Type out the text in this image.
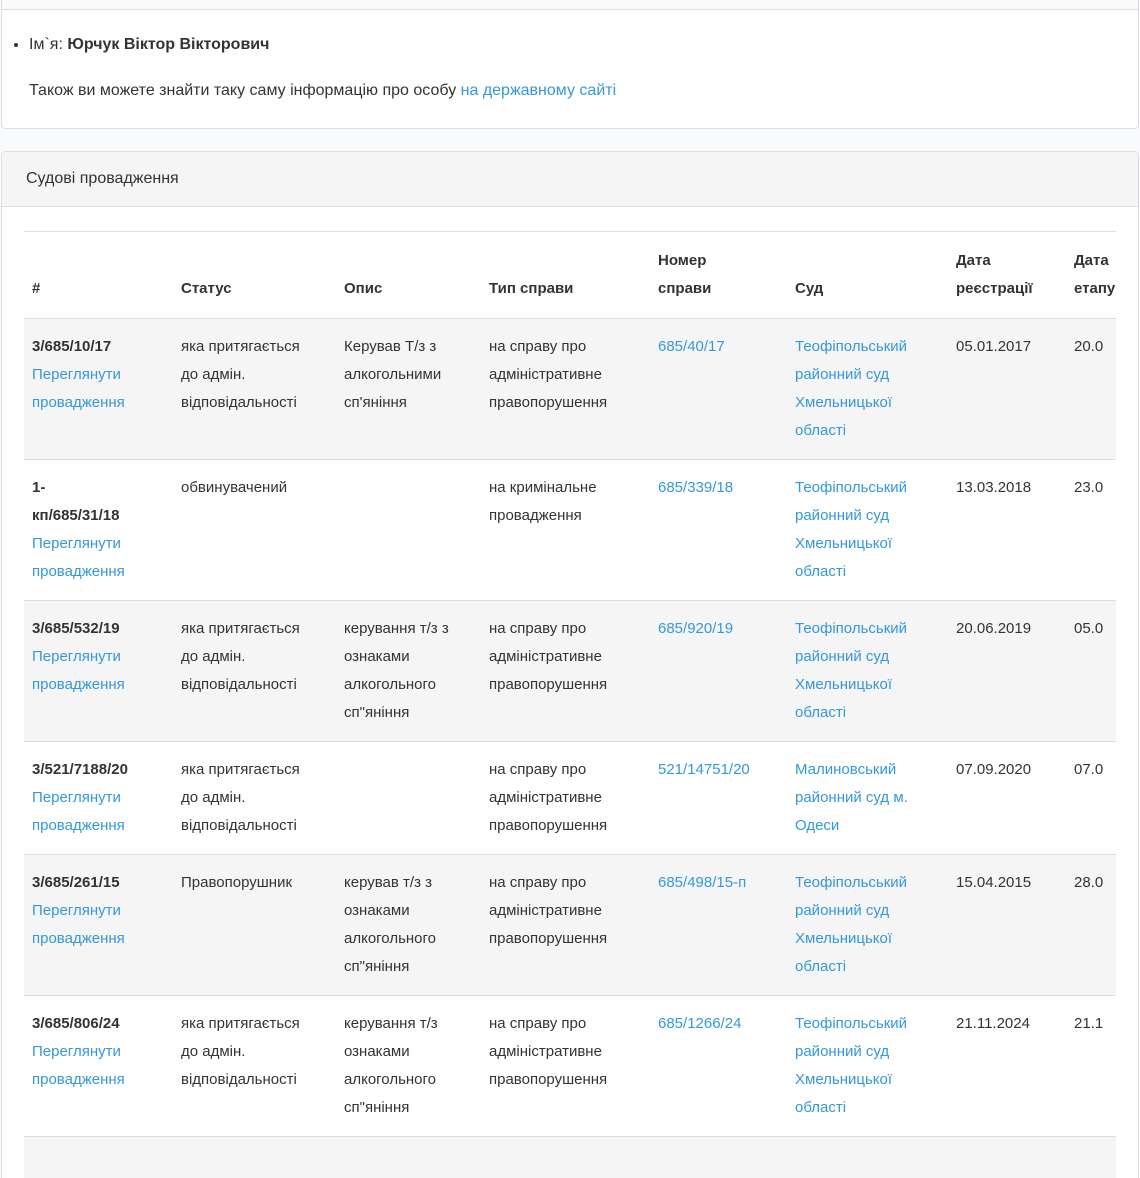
• Ім`я: Юрчук Віктор Вікторович

Також ви можете знайти таку саму інформацію про особу на державному сайті

Судові провадження
#	Статус	Опис	Тип справи	Номер справи	Суд	Дата реєстрації	Дата етапу

3/685/10/17
Переглянути провадження	яка притягається до адмін. відповідальності	Керував Т/з з алкогольними сп'яніння	на справу про адміністративне правопорушення	685/40/17	Теофіпольський районний суд Хмельницької області	05.01.2017	20.0

1-кп/685/31/18
Переглянути провадження	обвинувачений		на кримінальне провадження	685/339/18	Теофіпольський районний суд Хмельницької області	13.03.2018	23.0

3/685/532/19
Переглянути провадження	яка притягається до адмін. відповідальності	керування т/з з ознаками алкогольного сп"яніння	на справу про адміністративне правопорушення	685/920/19	Теофіпольський районний суд Хмельницької області	20.06.2019	05.0

3/521/7188/20
Переглянути провадження	яка притягається до адмін. відповідальності		на справу про адміністративне правопорушення	521/14751/20	Малиновський районний суд м. Одеси	07.09.2020	07.0

3/685/261/15
Переглянути провадження	Правопорушник	керував т/з з ознаками алкогольного сп"яніння	на справу про адміністративне правопорушення	685/498/15-п	Теофіпольський районний суд Хмельницької області	15.04.2015	28.0

3/685/806/24
Переглянути провадження	яка притягається до адмін. відповідальності	керування т/з ознаками алкогольного сп"яніння	на справу про адміністративне правопорушення	685/1266/24	Теофіпольський районний суд Хмельницької області	21.11.2024	21.1
